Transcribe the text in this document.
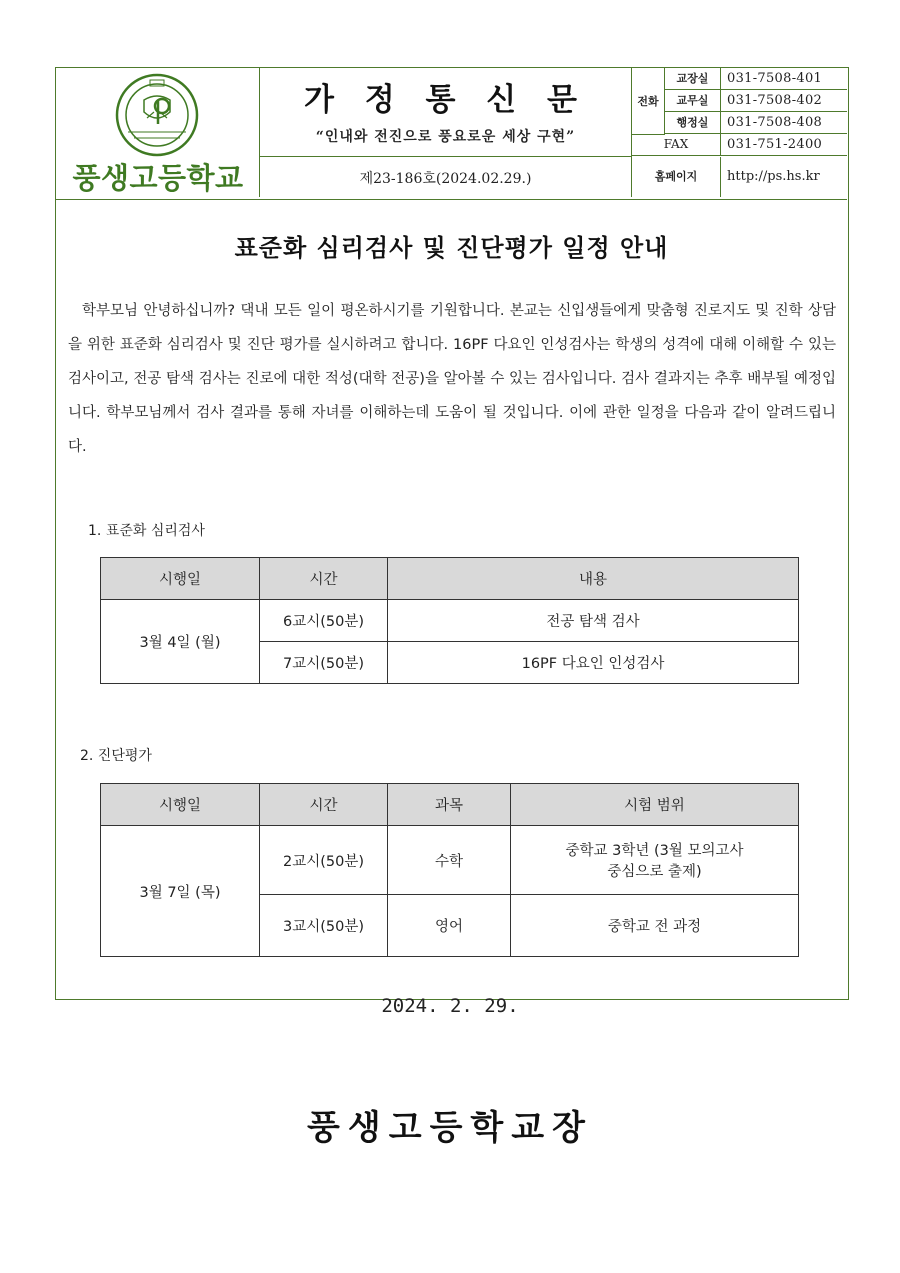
풍생고등학교
가 정 통 신 문
“인내와 전진으로 풍요로운 세상 구현”
제23-186호(2024.02.29.)
전화
교장실	031-7508-401
교무실	031-7508-402
행정실	031-7508-408
FAX	031-751-2400
홈페이지	http://ps.hs.kr
표준화 심리검사 및 진단평가 일정 안내
학부모님 안녕하십니까? 댁내 모든 일이 평온하시기를 기원합니다. 본교는 신입생들에게 맞춤형 진로지도 및 진학 상담을 위한 표준화 심리검사 및 진단 평가를 실시하려고 합니다. 16PF 다요인 인성검사는 학생의 성격에 대해 이해할 수 있는 검사이고, 전공 탐색 검사는 진로에 대한 적성(대학 전공)을 알아볼 수 있는 검사입니다. 검사 결과지는 추후 배부될 예정입니다. 학부모님께서 검사 결과를 통해 자녀를 이해하는데 도움이 될 것입니다. 이에 관한 일정을 다음과 같이 알려드립니다.
1. 표준화 심리검사
시행일	시간	내용
3월 4일 (월)	6교시(50분)	전공 탐색 검사
	7교시(50분)	16PF 다요인 인성검사
2. 진단평가
시행일	시간	과목	시험 범위
3월 7일 (목)	2교시(50분)	수학	중학교 3학년 (3월 모의고사
중심으로 출제)

	3교시(50분)	영어	중학교 전 과정
2024. 2. 29.
풍생고등학교장
